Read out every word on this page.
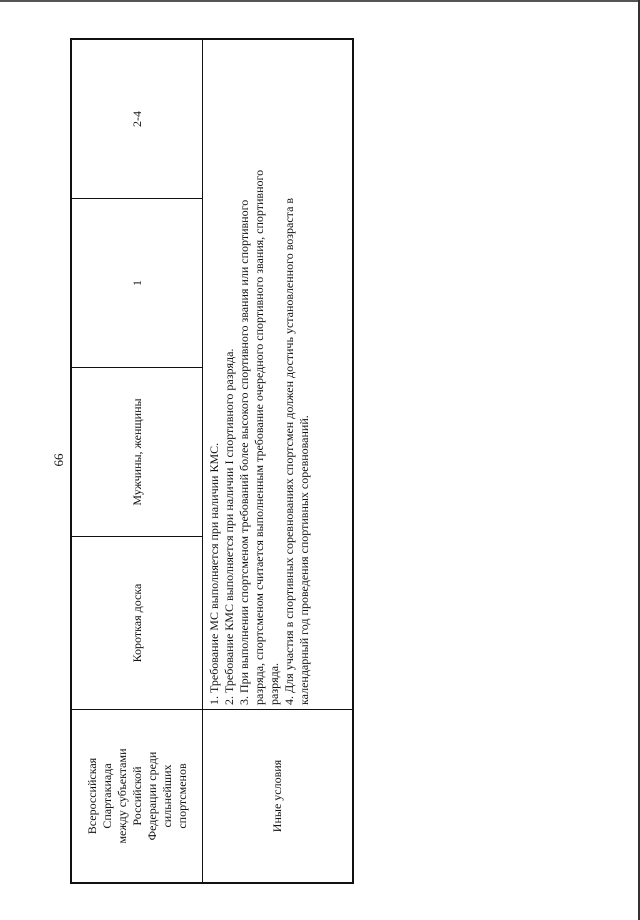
66
Всероссийская Спартакиада между субъектами Российской Федерации среди сильнейших спортсменов
Короткая доска
Мужчины, женщины
1
2-4
Иные условия
1. Требование МС выполняется при наличии КМС. 2. Требование КМС выполняется при наличии I спортивного разряда. 3. При выполнении спортсменом требований более высокого спортивного звания или спортивного разряда, спортсменом считается выполненным требование очередного спортивного звания, спортивного разряда. 4. Для участия в спортивных соревнованиях спортсмен должен достичь установленного возраста в календарный год проведения спортивных соревнований.
